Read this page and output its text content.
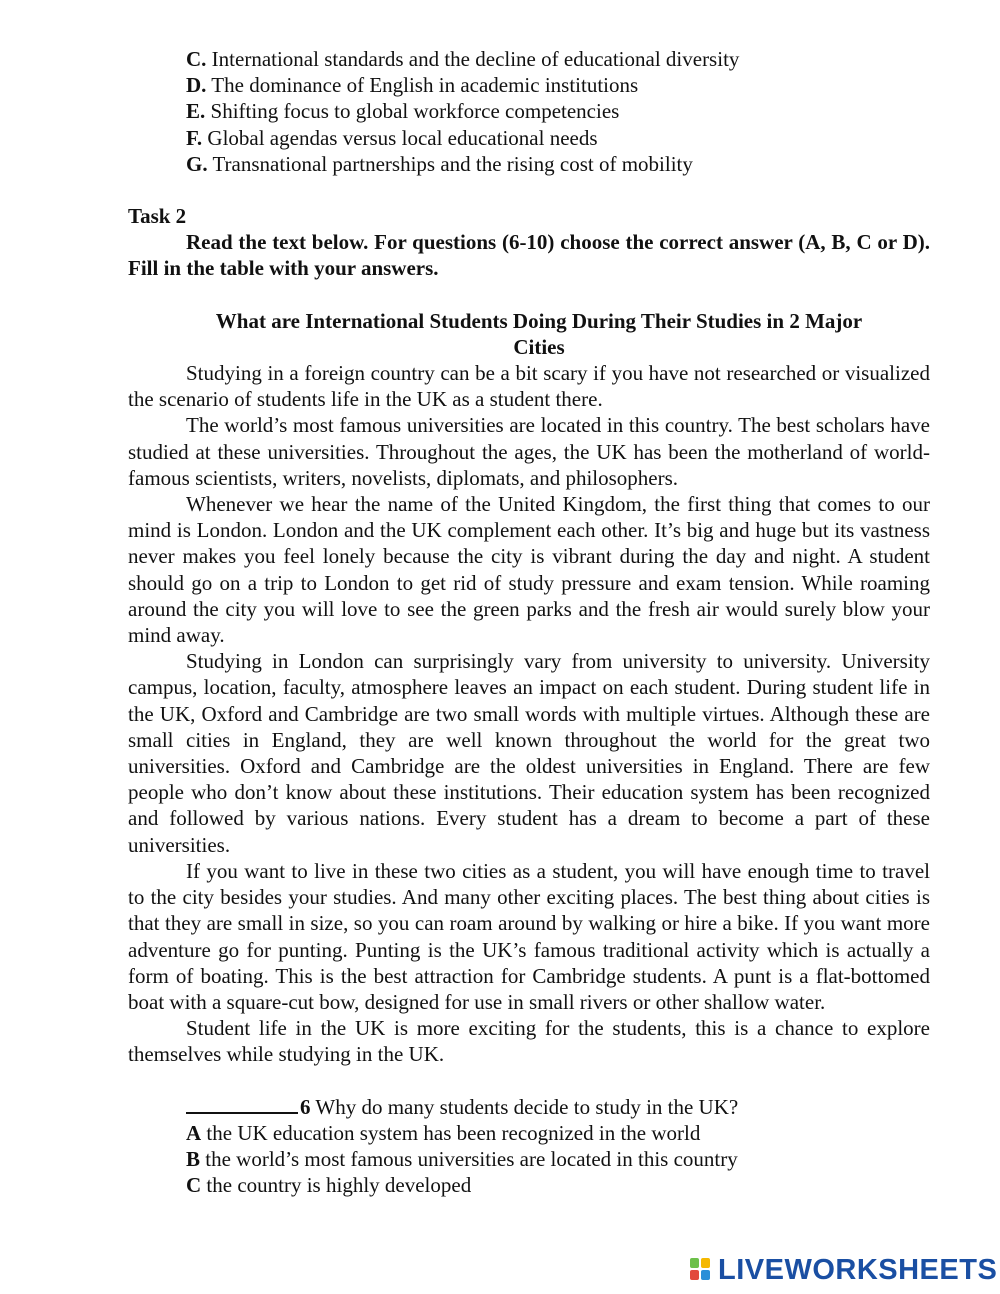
C. International standards and the decline of educational diversity
D. The dominance of English in academic institutions
E. Shifting focus to global workforce competencies
F. Global agendas versus local educational needs
G. Transnational partnerships and the rising cost of mobility
Task 2
Read the text below. For questions (6-10) choose the correct answer (A, B, C or D). Fill in the table with your answers.
What are International Students Doing During Their Studies in 2 Major
Cities
Studying in a foreign country can be a bit scary if you have not researched or visualized the scenario of students life in the UK as a student there.
The world’s most famous universities are located in this country. The best scholars have studied at these universities. Throughout the ages, the UK has been the motherland of world-famous scientists, writers, novelists, diplomats, and philosophers.
Whenever we hear the name of the United Kingdom, the first thing that comes to our mind is London. London and the UK complement each other. It’s big and huge but its vastness never makes you feel lonely because the city is vibrant during the day and night. A student should go on a trip to London to get rid of study pressure and exam tension. While roaming around the city you will love to see the green parks and the fresh air would surely blow your mind away.
Studying in London can surprisingly vary from university to university. University campus, location, faculty, atmosphere leaves an impact on each student. During student life in the UK, Oxford and Cambridge are two small words with multiple virtues. Although these are small cities in England, they are well known throughout the world for the great two universities. Oxford and Cambridge are the oldest universities in England. There are few people who don’t know about these institutions. Their education system has been recognized and followed by various nations. Every student has a dream to become a part of these universities.
If you want to live in these two cities as a student, you will have enough time to travel to the city besides your studies. And many other exciting places. The best thing about cities is that they are small in size, so you can roam around by walking or hire a bike. If you want more adventure go for punting. Punting is the UK’s famous traditional activity which is actually a form of boating. This is the best attraction for Cambridge students. A punt is a flat-bottomed boat with a square-cut bow, designed for use in small rivers or other shallow water.
Student life in the UK is more exciting for the students, this is a chance to explore themselves while studying in the UK.
6 Why do many students decide to study in the UK?
A the UK education system has been recognized in the world
B the world’s most famous universities are located in this country
C the country is highly developed
LIVEWORKSHEETS
